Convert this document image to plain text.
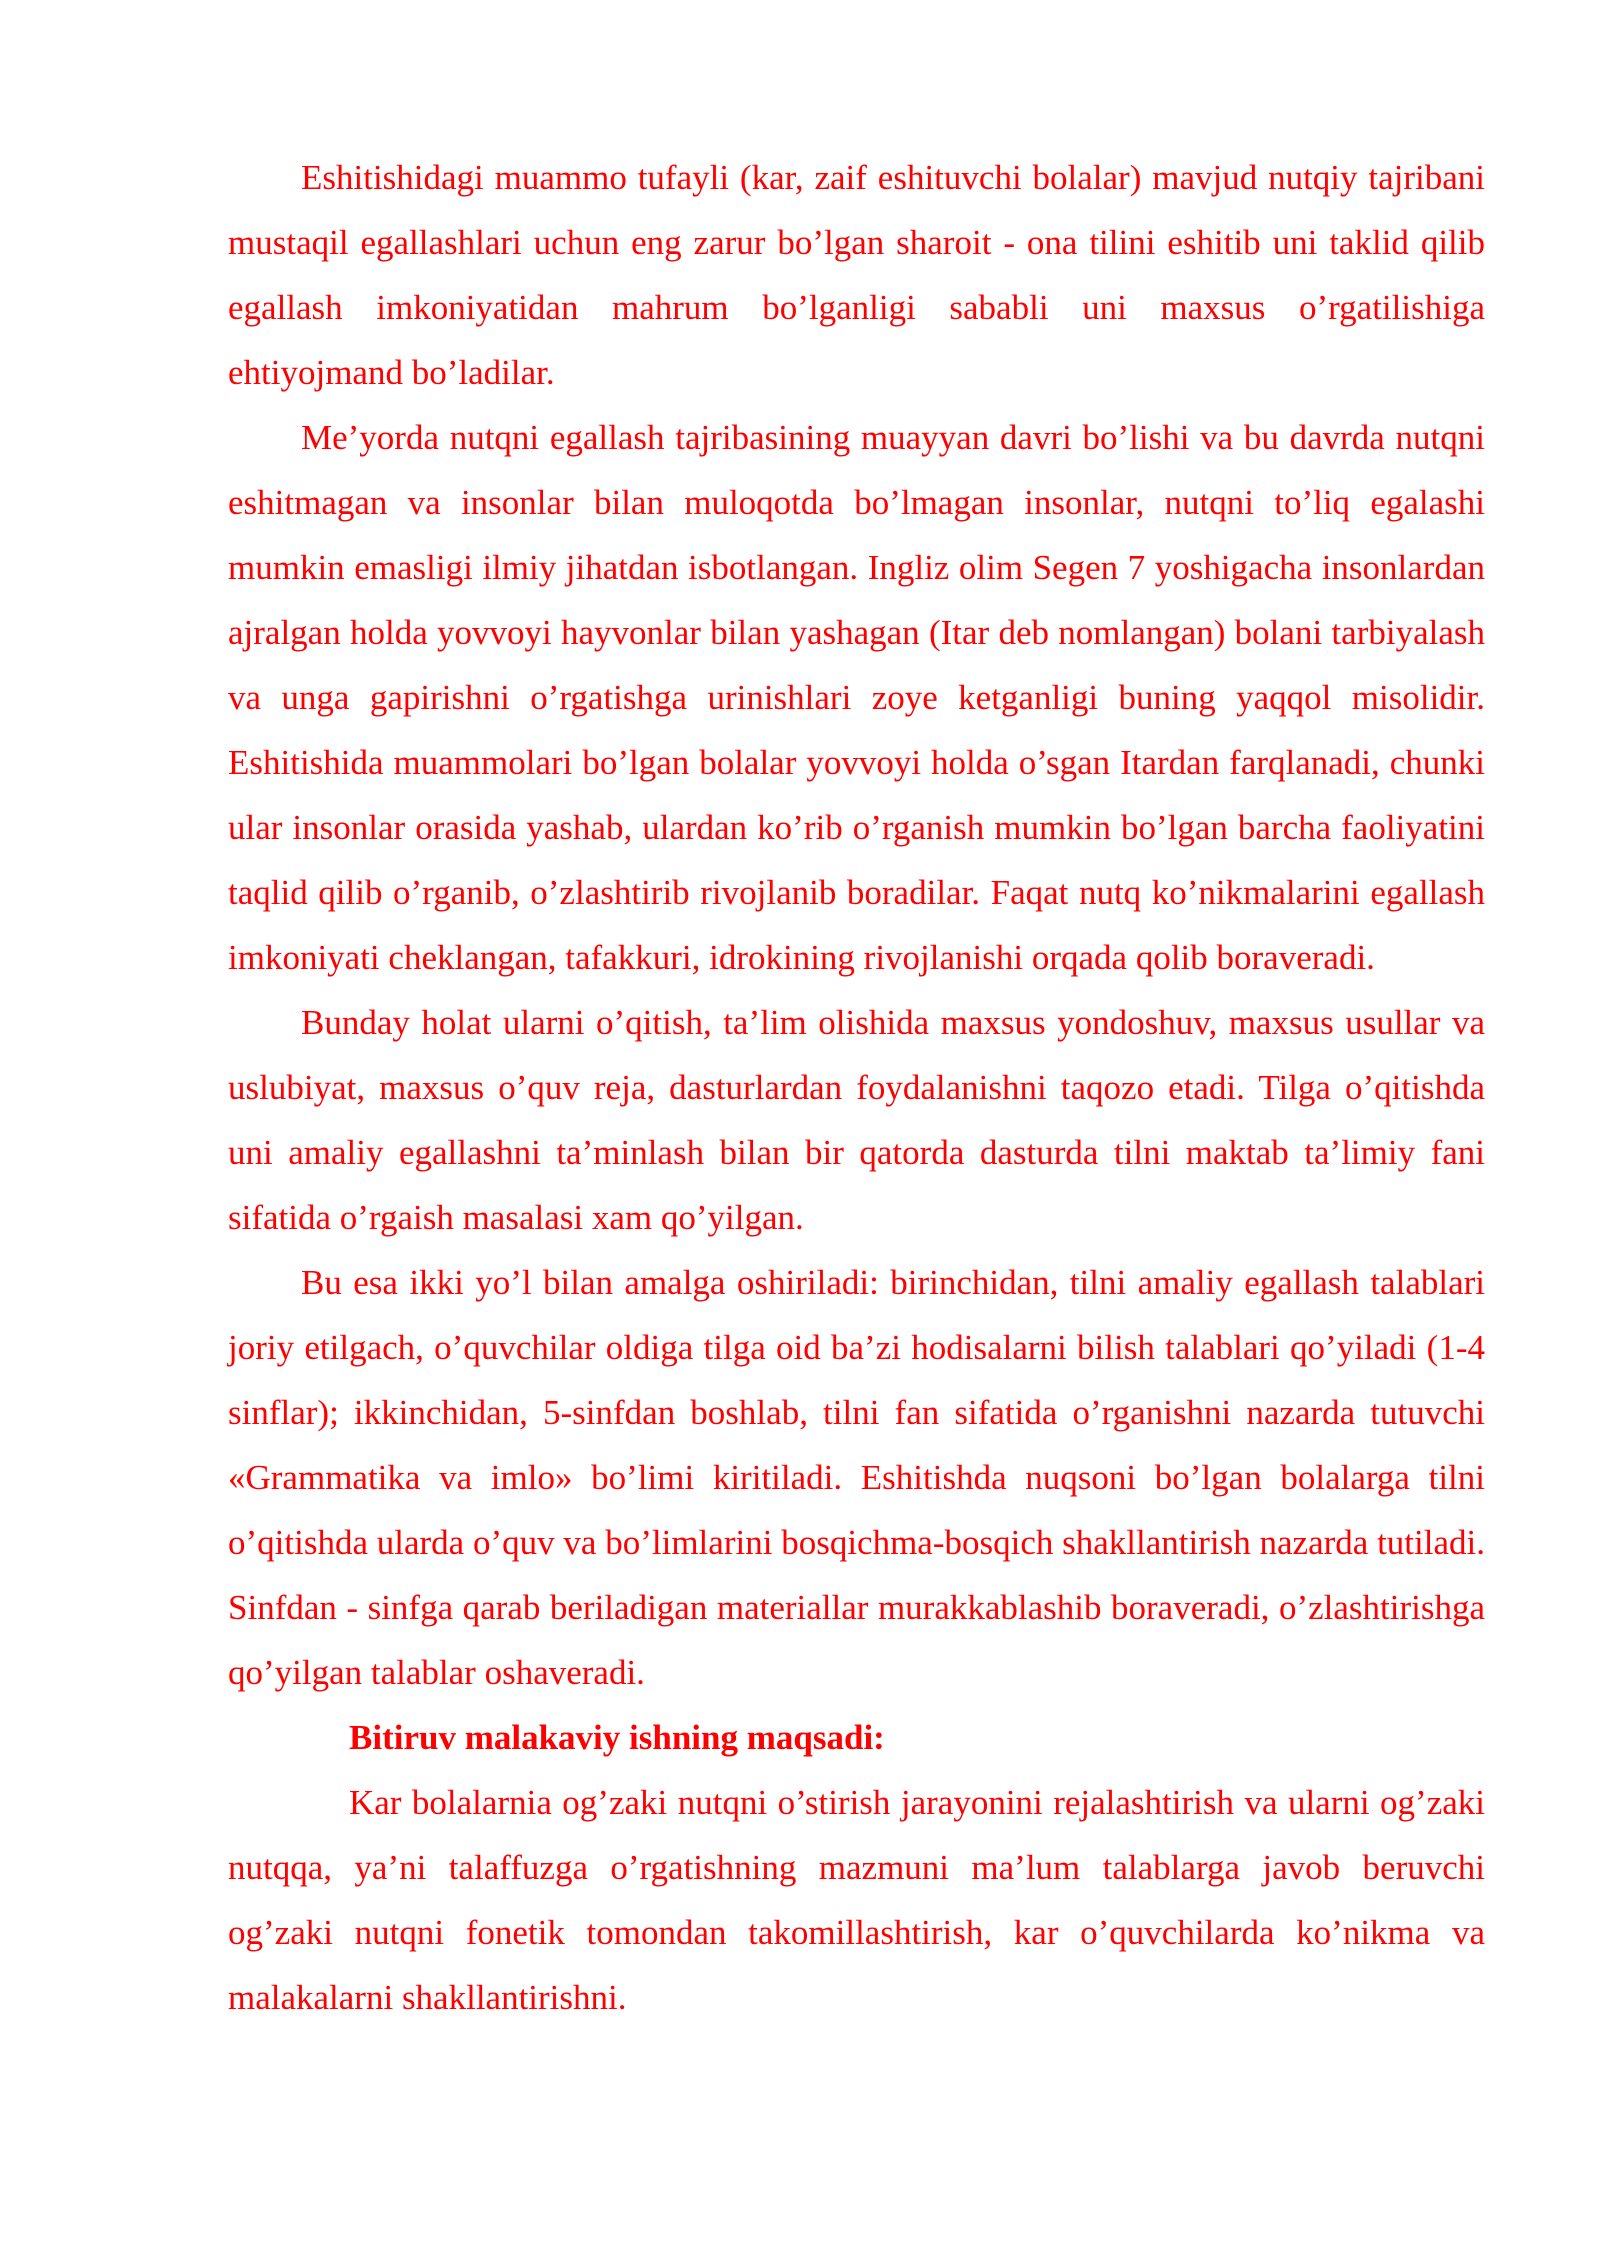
Eshitishidagi muammo tufayli (kar, zaif eshituvchi bolalar) mavjud nutqiy tajribani mustaqil egallashlari uchun eng zarur bo’lgan sharoit - ona tilini eshitib uni taklid qilib egallash imkoniyatidan mahrum bo’lganligi sababli uni maxsus o’rgatilishiga ehtiyojmand bo’ladilar.

Me’yorda nutqni egallash tajribasining muayyan davri bo’lishi va bu davrda nutqni eshitmagan va insonlar bilan muloqotda bo’lmagan insonlar, nutqni to’liq egalashi mumkin emasligi ilmiy jihatdan isbotlangan. Ingliz olim Segen 7 yoshigacha insonlardan ajralgan holda yovvoyi hayvonlar bilan yashagan (Itar deb nomlangan) bolani tarbiyalash va unga gapirishni o’rgatishga urinishlari zoye ketganligi buning yaqqol misolidir. Eshitishida muammolari bo’lgan bolalar yovvoyi holda o’sgan Itardan farqlanadi, chunki ular insonlar orasida yashab, ulardan ko’rib o’rganish mumkin bo’lgan barcha faoliyatini taqlid qilib o’rganib, o’zlashtirib rivojlanib boradilar. Faqat nutq ko’nikmalarini egallash imkoniyati cheklangan, tafakkuri, idrokining rivojlanishi orqada qolib boraveradi.

Bunday holat ularni o’qitish, ta’lim olishida maxsus yondoshuv, maxsus usullar va uslubiyat, maxsus o’quv reja, dasturlardan foydalanishni taqozo etadi. Tilga o’qitishda uni amaliy egallashni ta’minlash bilan bir qatorda dasturda tilni maktab ta’limiy fani sifatida o’rgaish masalasi xam qo’yilgan.

Bu esa ikki yo’l bilan amalga oshiriladi: birinchidan, tilni amaliy egallash talablari joriy etilgach, o’quvchilar oldiga tilga oid ba’zi hodisalarni bilish talablari qo’yiladi (1-4 sinflar); ikkinchidan, 5-sinfdan boshlab, tilni fan sifatida o’rganishni nazarda tutuvchi «Grammatika va imlo» bo’limi kiritiladi. Eshitishda nuqsoni bo’lgan bolalarga tilni o’qitishda ularda o’quv va bo’limlarini bosqichma-bosqich shakllantirish nazarda tutiladi. Sinfdan - sinfga qarab beriladigan materiallar murakkablashib boraveradi, o’zlashtirishga qo’yilgan talablar oshaveradi.

Bitiruv malakaviy ishning maqsadi:

Kar bolalarnia og’zaki nutqni o’stirish jarayonini rejalashtirish va ularni og’zaki nutqqa, ya’ni talaffuzga o’rgatishning mazmuni ma’lum talablarga javob beruvchi og’zaki nutqni fonetik tomondan takomillashtirish, kar o’quvchilarda ko’nikma va malakalarni shakllantirishni.
